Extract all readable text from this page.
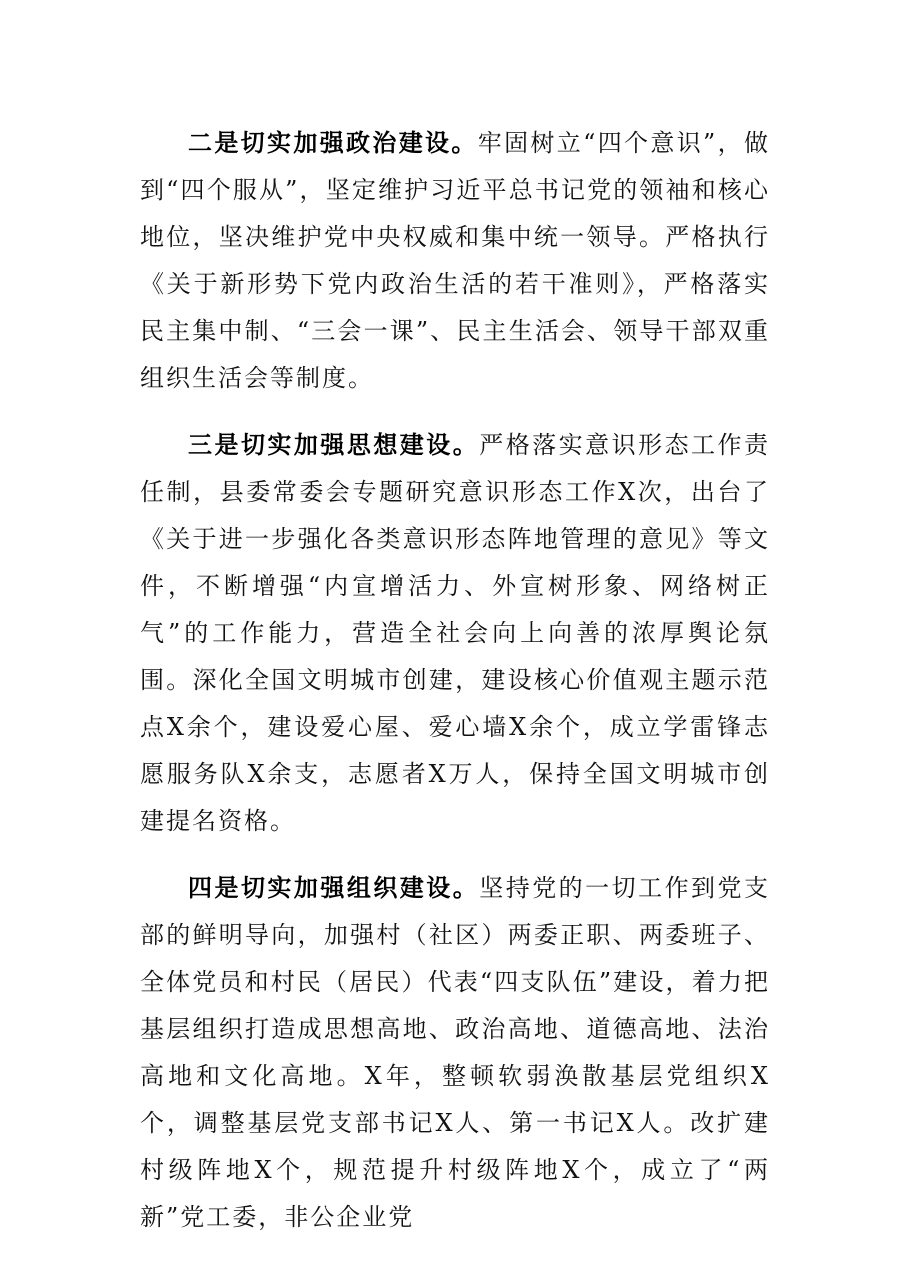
二是切实加强政治建设。牢固树立“四个意识”，做到“四个服从”，坚定维护习近平总书记党的领袖和核心地位，坚决维护党中央权威和集中统一领导。严格执行《关于新形势下党内政治生活的若干准则》，严格落实民主集中制、“三会一课”、民主生活会、领导干部双重组织生活会等制度。

三是切实加强思想建设。严格落实意识形态工作责任制，县委常委会专题研究意识形态工作X次，出台了《关于进一步强化各类意识形态阵地管理的意见》等文件，不断增强“内宣增活力、外宣树形象、网络树正气”的工作能力，营造全社会向上向善的浓厚舆论氛围。深化全国文明城市创建，建设核心价值观主题示范点X余个，建设爱心屋、爱心墙X余个，成立学雷锋志愿服务队X余支，志愿者X万人，保持全国文明城市创建提名资格。

四是切实加强组织建设。坚持党的一切工作到党支部的鲜明导向，加强村（社区）两委正职、两委班子、全体党员和村民（居民）代表“四支队伍”建设，着力把基层组织打造成思想高地、政治高地、道德高地、法治高地和文化高地。X年，整顿软弱涣散基层党组织X个，调整基层党支部书记X人、第一书记X人。改扩建村级阵地X个，规范提升村级阵地X个，成立了“两新”党工委，非公企业党
